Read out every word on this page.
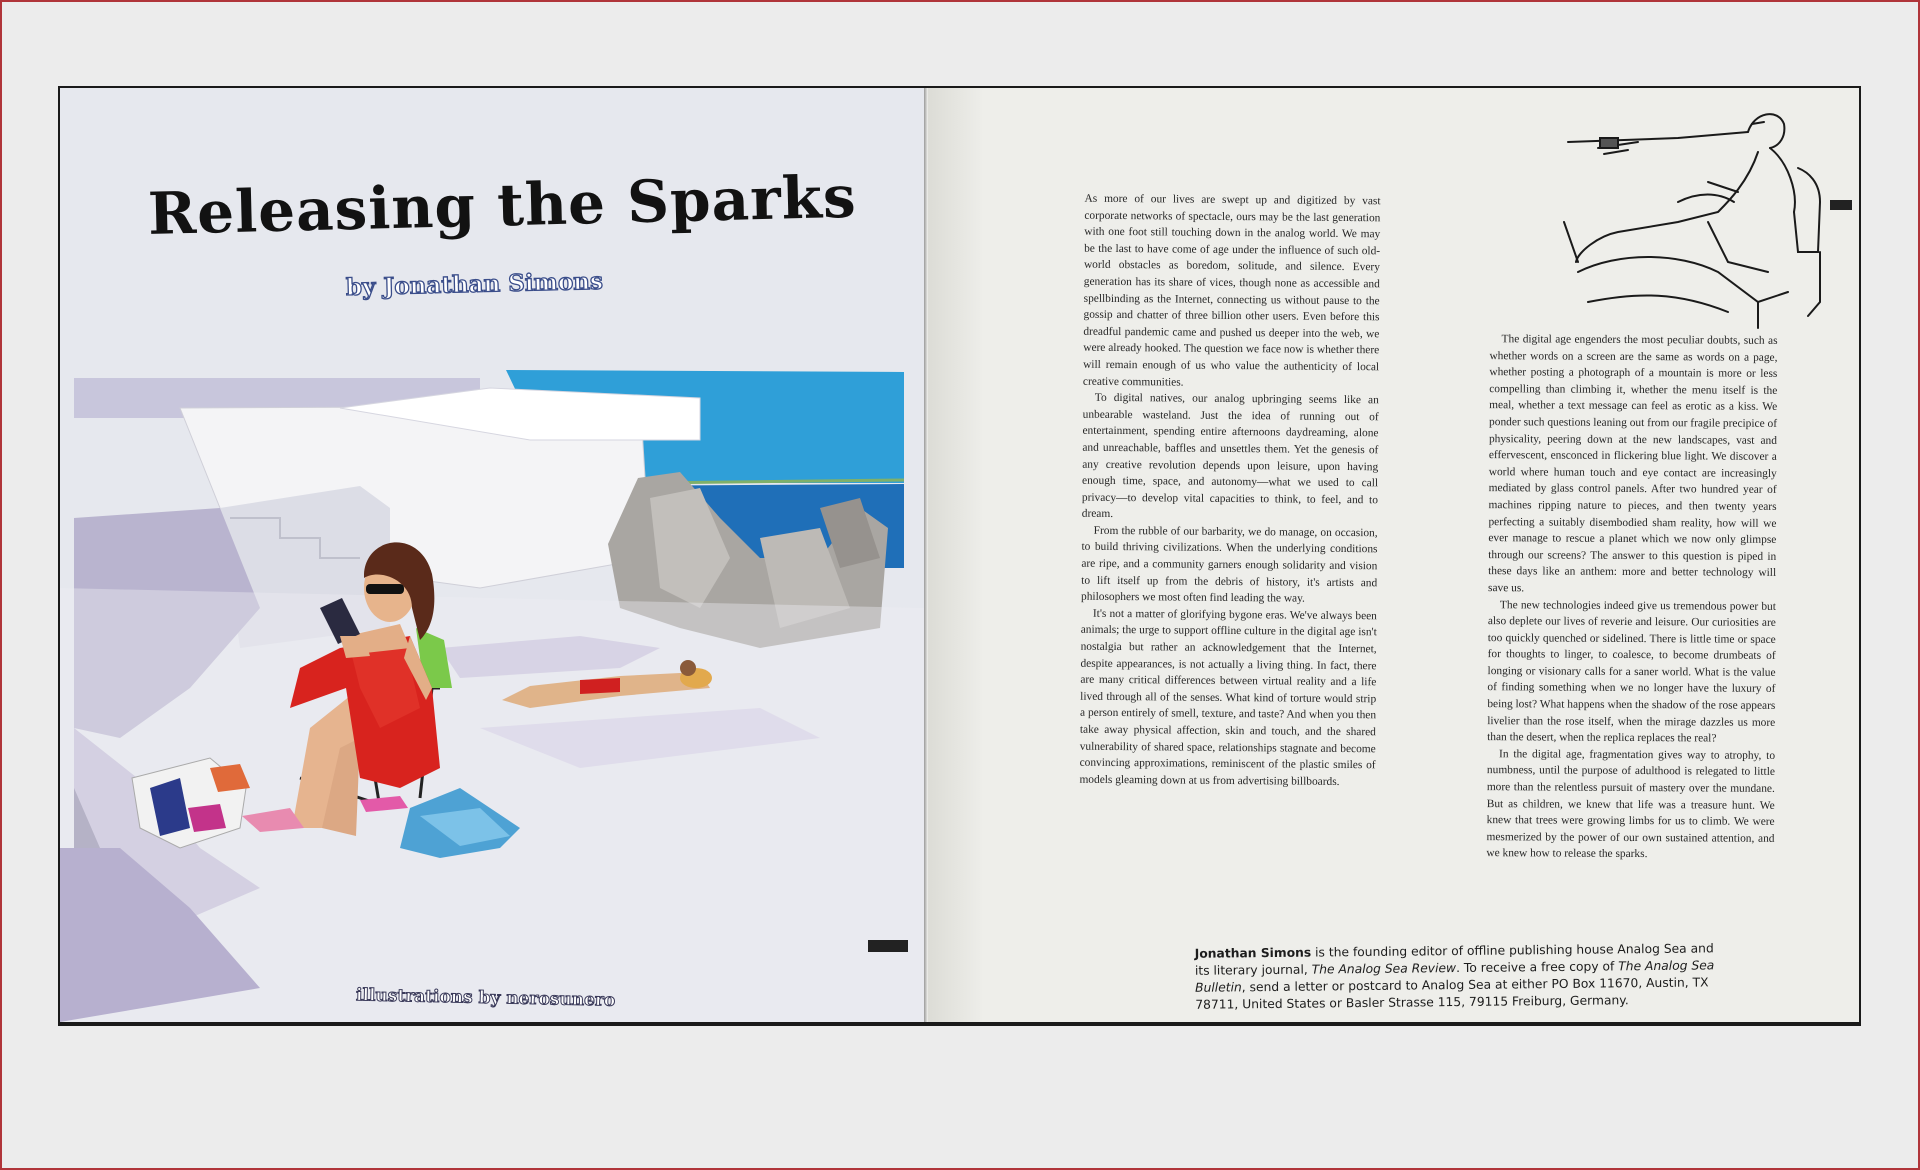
Releasing the Sparks
by Jonathan Simons
illustrations by nerosunero

As more of our lives are swept up and digitized by vast corporate networks of spectacle, ours may be the last generation with one foot still touching down in the analog world. We may be the last to have come of age under the influence of such old-world obstacles as boredom, solitude, and silence. Every generation has its share of vices, though none as accessible and spellbinding as the Internet, connecting us without pause to the gossip and chatter of three billion other users. Even before this dreadful pandemic came and pushed us deeper into the web, we were already hooked. The question we face now is whether there will remain enough of us who value the authenticity of local creative communities.

To digital natives, our analog upbringing seems like an unbearable wasteland. Just the idea of running out of entertainment, spending entire afternoons daydreaming, alone and unreachable, baffles and unsettles them. Yet the genesis of any creative revolution depends upon leisure, upon having enough time, space, and autonomy—what we used to call privacy—to develop vital capacities to think, to feel, and to dream.

From the rubble of our barbarity, we do manage, on occasion, to build thriving civilizations. When the underlying conditions are ripe, and a community garners enough solidarity and vision to lift itself up from the debris of history, it's artists and philosophers we most often find leading the way.

It's not a matter of glorifying bygone eras. We've always been animals; the urge to support offline culture in the digital age isn't nostalgia but rather an acknowledgement that the Internet, despite appearances, is not actually a living thing. In fact, there are many critical differences between virtual reality and a life lived through all of the senses. What kind of torture would strip a person entirely of smell, texture, and taste? And when you then take away physical affection, skin and touch, and the shared vulnerability of shared space, relationships stagnate and become convincing approximations, reminiscent of the plastic smiles of models gleaming down at us from advertising billboards.

The digital age engenders the most peculiar doubts, such as whether words on a screen are the same as words on a page, whether posting a photograph of a mountain is more or less compelling than climbing it, whether the menu itself is the meal, whether a text message can feel as erotic as a kiss. We ponder such questions leaning out from our fragile precipice of physicality, peering down at the new landscapes, vast and effervescent, ensconced in flickering blue light. We discover a world where human touch and eye contact are increasingly mediated by glass control panels. After two hundred year of machines ripping nature to pieces, and then twenty years perfecting a suitably disembodied sham reality, how will we ever manage to rescue a planet which we now only glimpse through our screens? The answer to this question is piped in these days like an anthem: more and better technology will save us.

The new technologies indeed give us tremendous power but also deplete our lives of reverie and leisure. Our curiosities are too quickly quenched or sidelined. There is little time or space for thoughts to linger, to coalesce, to become drumbeats of longing or visionary calls for a saner world. What is the value of finding something when we no longer have the luxury of being lost? What happens when the shadow of the rose appears livelier than the rose itself, when the mirage dazzles us more than the desert, when the replica replaces the real?

In the digital age, fragmentation gives way to atrophy, to numbness, until the purpose of adulthood is relegated to little more than the relentless pursuit of mastery over the mundane. But as children, we knew that life was a treasure hunt. We knew that trees were growing limbs for us to climb. We were mesmerized by the power of our own sustained attention, and we knew how to release the sparks.

Jonathan Simons is the founding editor of offline publishing house Analog Sea and its literary journal, The Analog Sea Review. To receive a free copy of The Analog Sea Bulletin, send a letter or postcard to Analog Sea at either PO Box 11670, Austin, TX 78711, United States or Basler Strasse 115, 79115 Freiburg, Germany.
